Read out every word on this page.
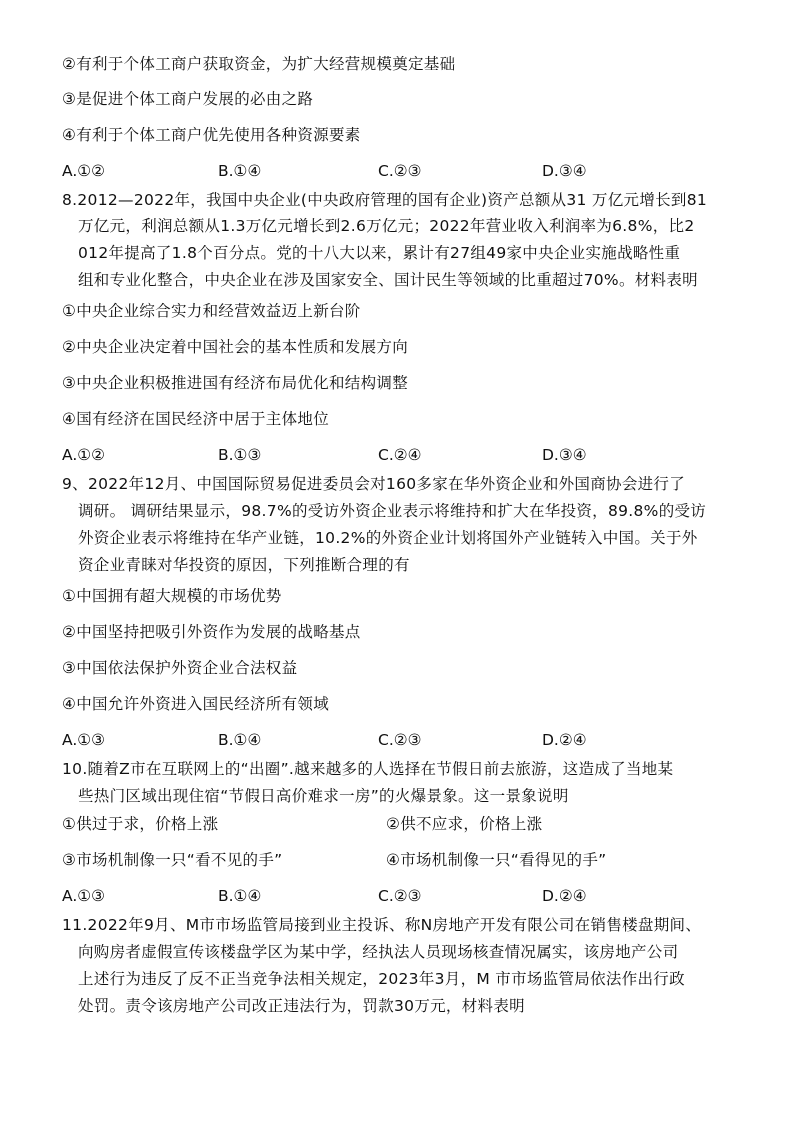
②有利于个体工商户获取资金，为扩大经营规模奠定基础
③是促进个体工商户发展的必由之路
④有利于个体工商户优先使用各种资源要素
A.①②	B.①④	C.②③	D.③④
8.2012—2022年，我国中央企业(中央政府管理的国有企业)资产总额从31 万亿元增长到81
万亿元，利润总额从1.3万亿元增长到2.6万亿元；2022年营业收入利润率为6.8%，比2
012年提高了1.8个百分点。党的十八大以来，累计有27组49家中央企业实施战略性重
组和专业化整合，中央企业在涉及国家安全、国计民生等领域的比重超过70%。材料表明
①中央企业综合实力和经营效益迈上新台阶
②中央企业决定着中国社会的基本性质和发展方向
③中央企业积极推进国有经济布局优化和结构调整
④国有经济在国民经济中居于主体地位
A.①②	B.①③	C.②④	D.③④
9、2022年12月、中国国际贸易促进委员会对160多家在华外资企业和外国商协会进行了
调研。 调研结果显示，98.7%的受访外资企业表示将维持和扩大在华投资，89.8%的受访
外资企业表示将维持在华产业链，10.2%的外资企业计划将国外产业链转入中国。关于外
资企业青睐对华投资的原因，下列推断合理的有
①中国拥有超大规模的市场优势
②中国坚持把吸引外资作为发展的战略基点
③中国依法保护外资企业合法权益
④中国允许外资进入国民经济所有领域
A.①③	B.①④	C.②③	D.②④
10.随着Z市在互联网上的“出圈”.越来越多的人选择在节假日前去旅游，这造成了当地某
些热门区域出现住宿“节假日高价难求一房”的火爆景象。这一景象说明
①供过于求，价格上涨	②供不应求，价格上涨
③市场机制像一只“看不见的手”	④市场机制像一只“看得见的手”
A.①③	B.①④	C.②③	D.②④
11.2022年9月、M市市场监管局接到业主投诉、称N房地产开发有限公司在销售楼盘期间、
向购房者虚假宣传该楼盘学区为某中学，经执法人员现场核查情况属实，该房地产公司
上述行为违反了反不正当竞争法相关规定，2023年3月，M 市市场监管局依法作出行政
处罚。责令该房地产公司改正违法行为，罚款30万元，材料表明
